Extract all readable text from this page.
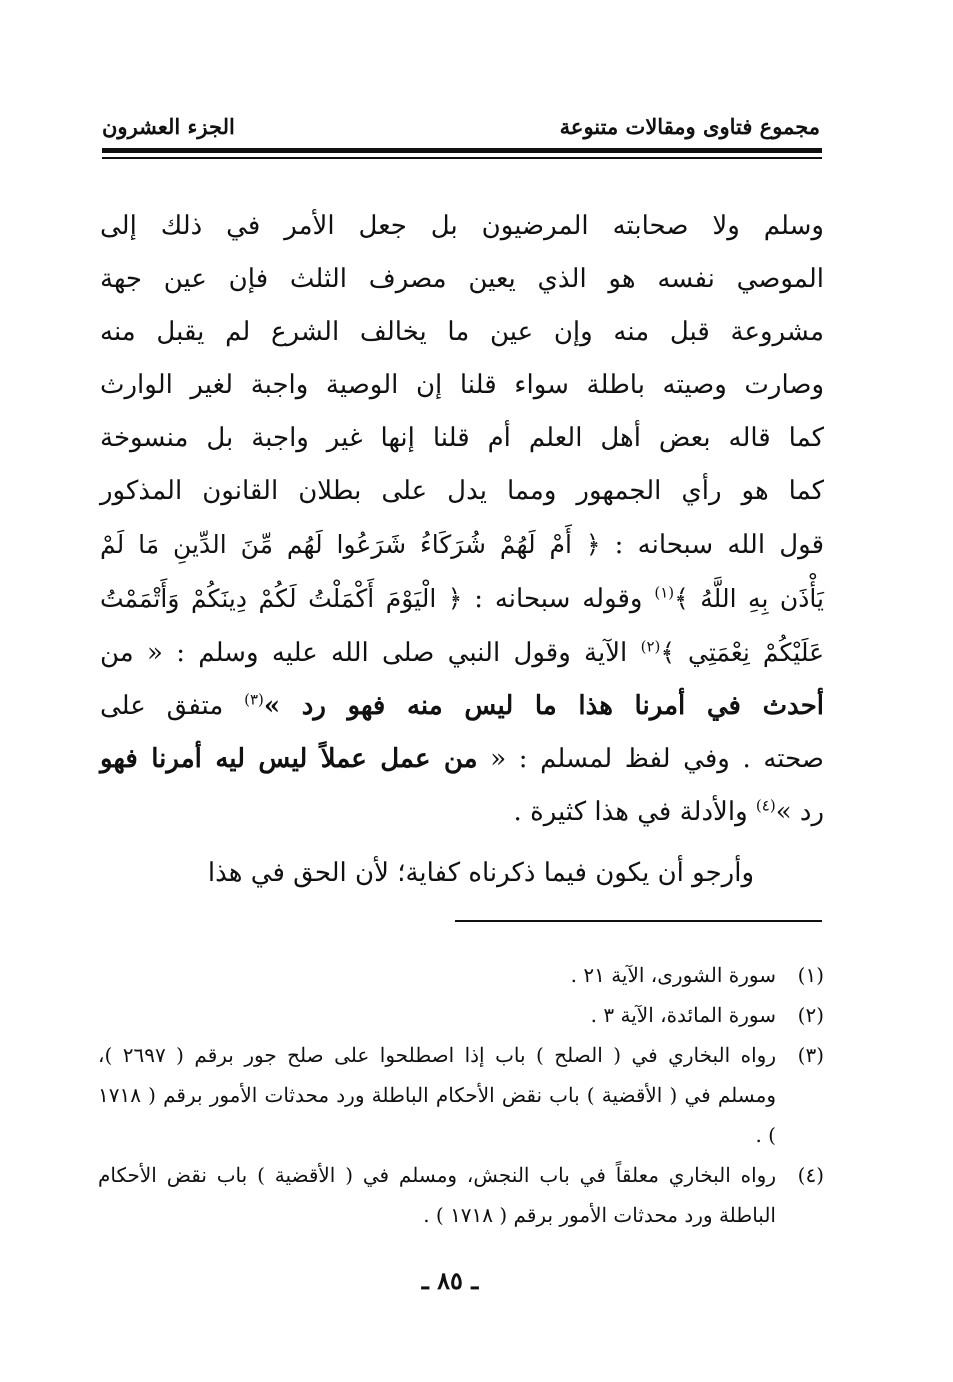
مجموع فتاوى ومقالات متنوعة
الجزء العشرون
وسلم ولا صحابته المرضيون بل جعل الأمر في ذلك إلى
الموصي نفسه هو الذي يعين مصرف الثلث فإن عين جهة
مشروعة قبل منه وإن عين ما يخالف الشرع لم يقبل منه
وصارت وصيته باطلة سواء قلنا إن الوصية واجبة لغير الوارث
كما قاله بعض أهل العلم أم قلنا إنها غير واجبة بل منسوخة
كما هو رأي الجمهور ومما يدل على بطلان القانون المذكور
قول الله سبحانه : ﴿ أَمْ لَهُمْ شُرَكَاءُ شَرَعُوا لَهُم مِّنَ الدِّينِ مَا لَمْ
يَأْذَن بِهِ اللَّهُ ﴾$^{(١)}$ وقوله سبحانه : ﴿ الْيَوْمَ أَكْمَلْتُ لَكُمْ دِينَكُمْ وَأَتْمَمْتُ
عَلَيْكُمْ نِعْمَتِي ﴾$^{(٢)}$ الآية وقول النبي صلى الله عليه وسلم : « من
أحدث في أمرنا هذا ما ليس منه فهو رد »$^{(٣)}$ متفق على
صحته . وفي لفظ لمسلم : « من عمل عملاً ليس ليه أمرنا فهو
رد »$^{(٤)}$ والأدلة في هذا كثيرة .

وأرجو أن يكون فيما ذكرناه كفاية؛ لأن الحق في هذا

(١)
سورة الشورى، الآية ٢١ .
(٢)
سورة المائدة، الآية ٣ .
(٣)
رواه البخاري في ( الصلح ) باب إذا اصطلحوا على صلح جور برقم ( ٢٦٩٧ )، ومسلم في ( الأقضية ) باب نقض الأحكام الباطلة ورد محدثات الأمور برقم ( ١٧١٨ ) .
(٤)
رواه البخاري معلقاً في باب النجش، ومسلم في ( الأقضية ) باب نقض الأحكام الباطلة ورد محدثات الأمور برقم ( ١٧١٨ ) .
ـ ٨٥ ـ
